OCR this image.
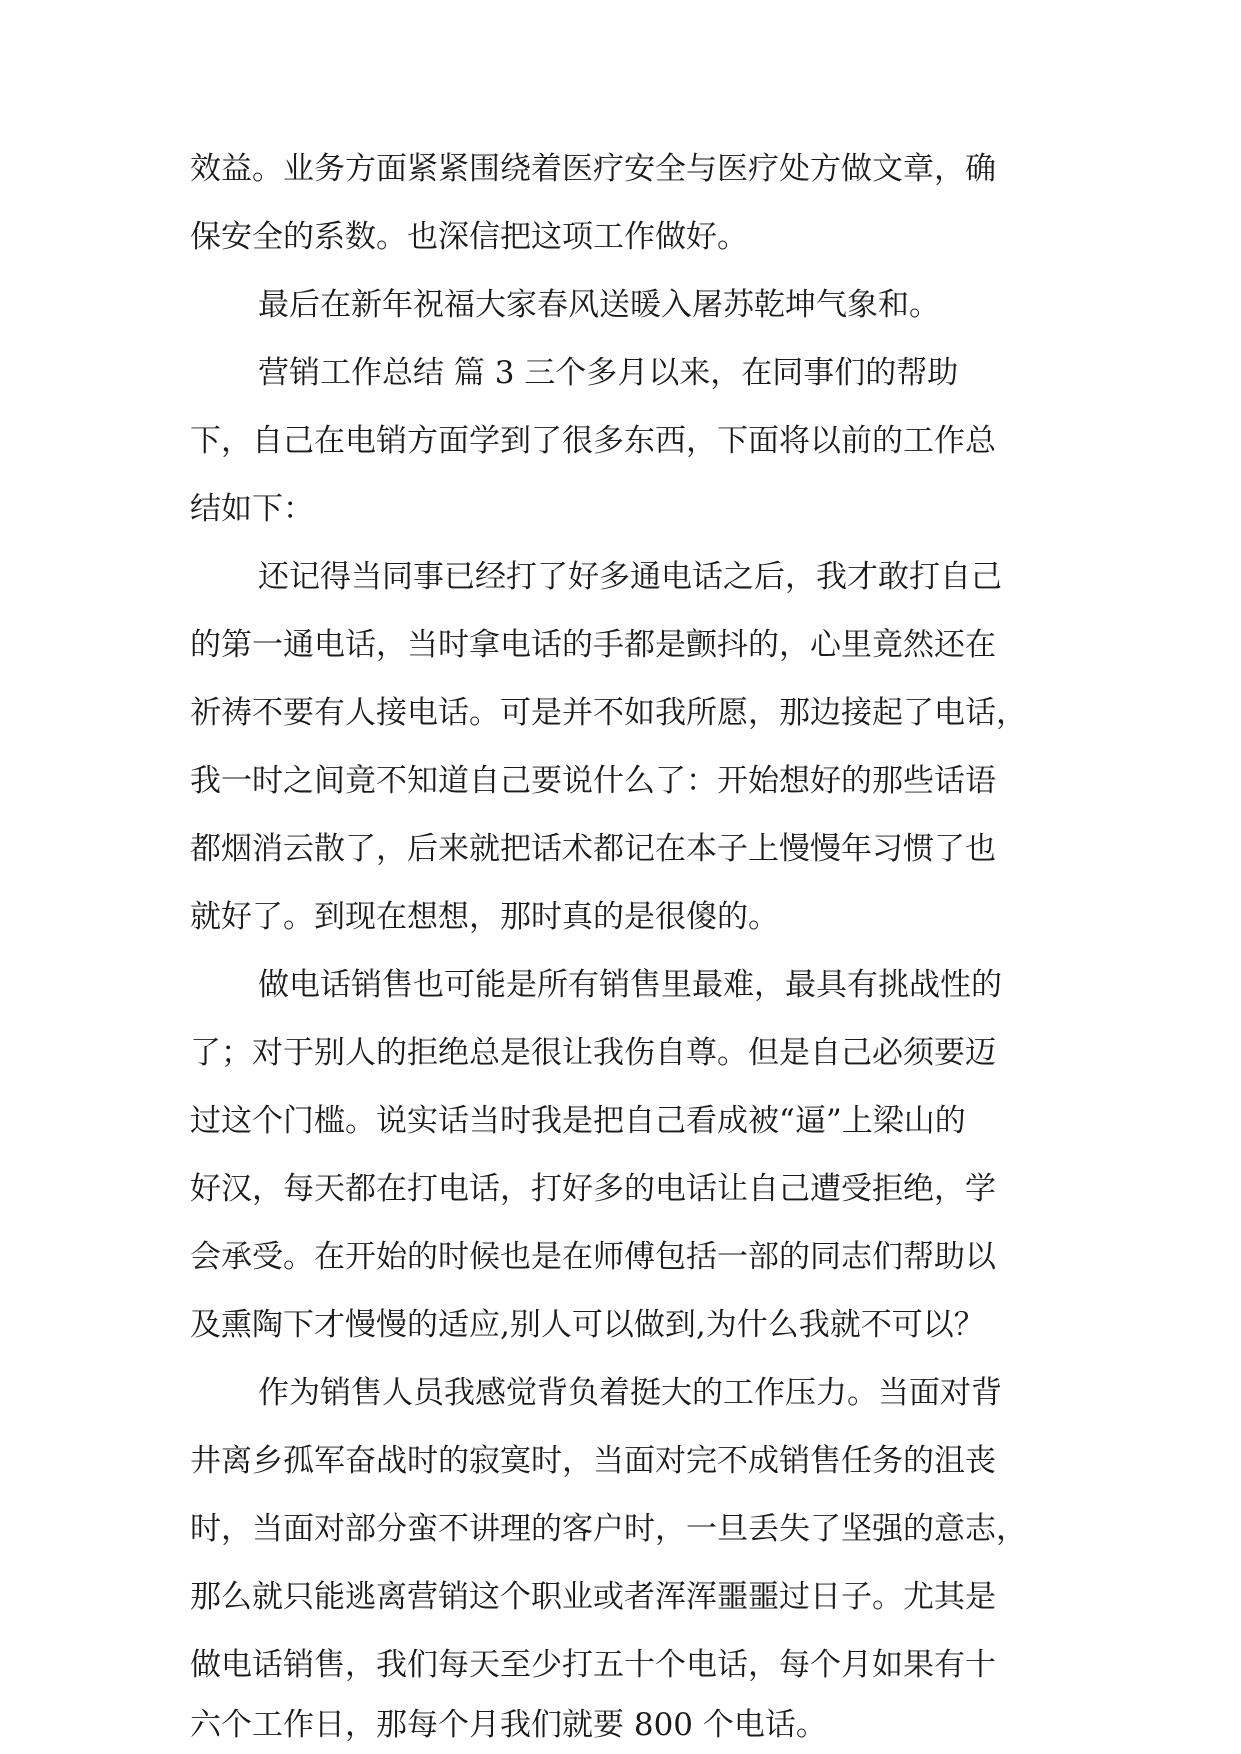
效益。业务方面紧紧围绕着医疗安全与医疗处方做文章，确
保安全的系数。也深信把这项工作做好。
最后在新年祝福大家春风送暖入屠苏乾坤气象和。
营销工作总结 篇 3 三个多月以来，在同事们的帮助
下，自己在电销方面学到了很多东西，下面将以前的工作总
结如下：
还记得当同事已经打了好多通电话之后，我才敢打自己
的第一通电话，当时拿电话的手都是颤抖的，心里竟然还在
祈祷不要有人接电话。可是并不如我所愿，那边接起了电话，
我一时之间竟不知道自己要说什么了：开始想好的那些话语
都烟消云散了，后来就把话术都记在本子上慢慢年习惯了也
就好了。到现在想想，那时真的是很傻的。
做电话销售也可能是所有销售里最难，最具有挑战性的
了；对于别人的拒绝总是很让我伤自尊。但是自己必须要迈
过这个门槛。说实话当时我是把自己看成被“逼”上梁山的
好汉，每天都在打电话，打好多的电话让自己遭受拒绝，学
会承受。在开始的时候也是在师傅包括一部的同志们帮助以
及熏陶下才慢慢的适应,别人可以做到,为什么我就不可以？
作为销售人员我感觉背负着挺大的工作压力。当面对背
井离乡孤军奋战时的寂寞时，当面对完不成销售任务的沮丧
时，当面对部分蛮不讲理的客户时，一旦丢失了坚强的意志，
那么就只能逃离营销这个职业或者浑浑噩噩过日子。尤其是
做电话销售，我们每天至少打五十个电话，每个月如果有十
六个工作日，那每个月我们就要 800 个电话。
